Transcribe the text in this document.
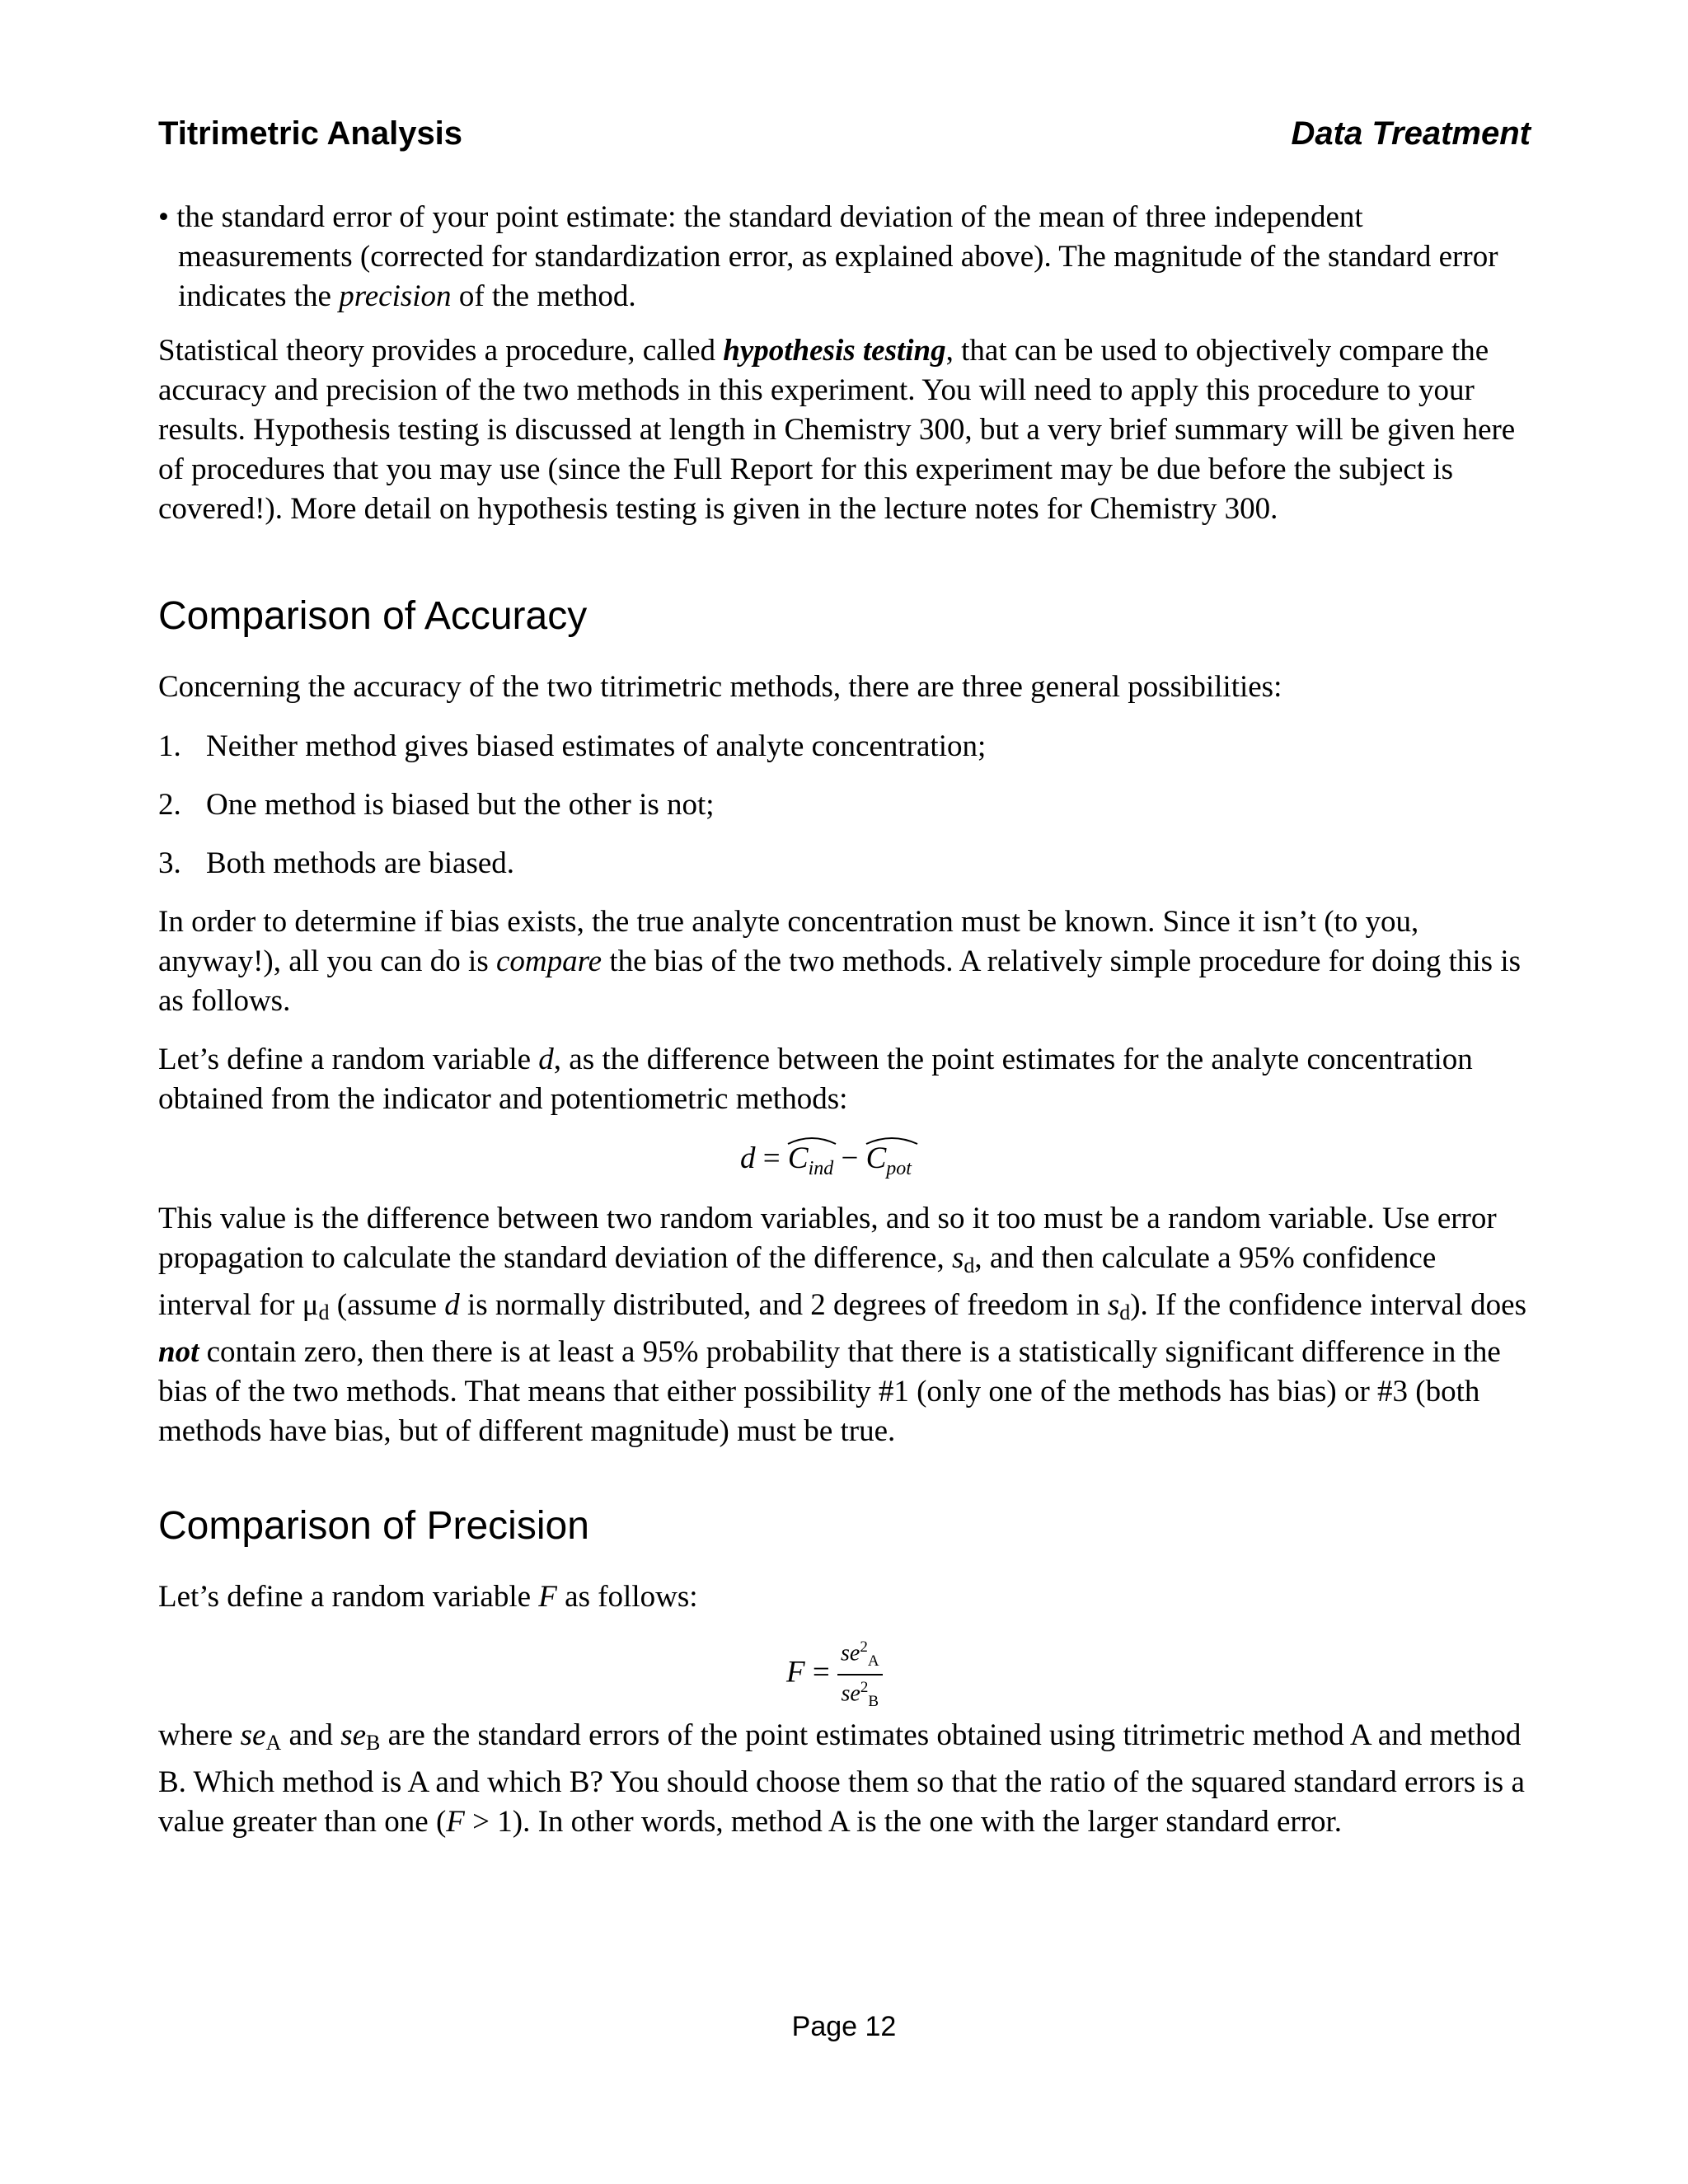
Titrimetric Analysis	Data Treatment
• the standard error of your point estimate: the standard deviation of the mean of three independent
measurements (corrected for standardization error, as explained above). The magnitude of the standard error indicates the precision of the method.

Statistical theory provides a procedure, called hypothesis testing, that can be used to objectively compare the accuracy and precision of the two methods in this experiment. You will need to apply this procedure to your results. Hypothesis testing is discussed at length in Chemistry 300, but a very brief summary will be given here of procedures that you may use (since the Full Report for this experiment may be due before the subject is covered!). More detail on hypothesis testing is given in the lecture notes for Chemistry 300.

Comparison of Accuracy

Concerning the accuracy of the two titrimetric methods, there are three general possibilities:

1. Neither method gives biased estimates of analyte concentration;
2. One method is biased but the other is not;
3. Both methods are biased.

In order to determine if bias exists, the true analyte concentration must be known. Since it isn’t (to you, anyway!), all you can do is compare the bias of the two methods. A relatively simple procedure for doing this is as follows.

Let’s define a random variable d, as the difference between the point estimates for the analyte concentration obtained from the indicator and potentiometric methods:

d =
$C_{ind}$ −
$C_{pot}$

This value is the difference between two random variables, and so it too must be a random variable. Use error propagation to calculate the standard deviation of the difference, sd, and then calculate a 95% confidence interval for μd (assume d is normally distributed, and 2 degrees of freedom in sd). If the confidence interval does not contain zero, then there is at least a 95% probability that there is a statistically significant difference in the bias of the two methods. That means that either possibility #1 (only one of the methods has bias) or #3 (both methods have bias, but of different magnitude) must be true.

Comparison of Precision

Let’s define a random variable F as follows:

$F = \frac{se^2_A}{se^2_B}$

where seA and seB are the standard errors of the point estimates obtained using titrimetric method A and method B. Which method is A and which B? You should choose them so that the ratio of the squared standard errors is a value greater than one (F > 1). In other words, method A is the one with the larger standard error.

Page 12
